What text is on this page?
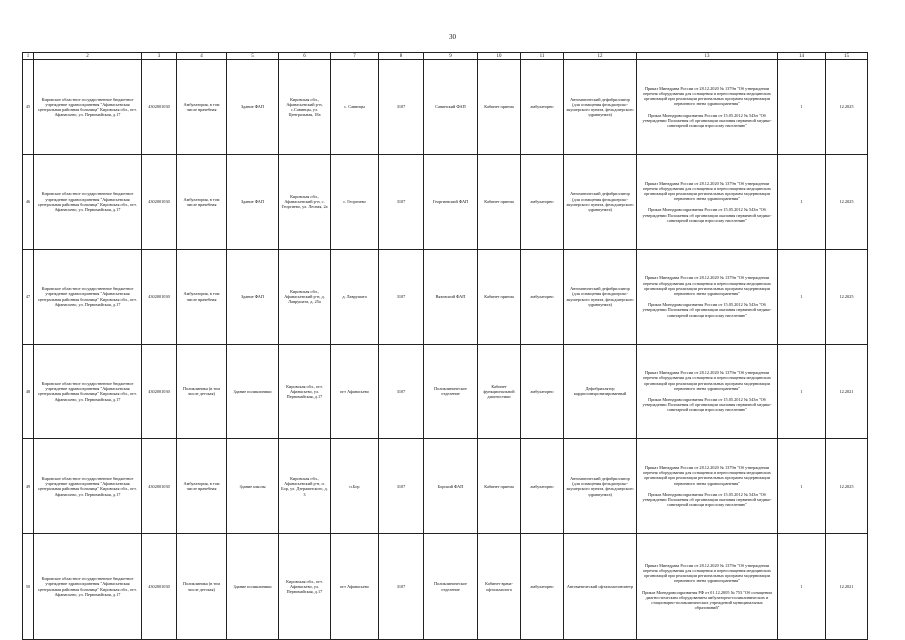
30
1	2	3	4	5	6	7	8	9	10	11	12	13	14	15
45	Кировское областное государственное бюджетное учреждение здравоохранения "Афанасьевская центральная районная больница" Кировская обл., пгт. Афанасьево, ул. Первомайская, д.17	4302001030	Амбулатория, в том числе врачебная	Здание ФАП	Кировская обл., Афанасьевский р-н, с.Савинцы, ул. Центральная, 18а	с. Савинцы	3107	Савинский ФАП	Кабинет приема	амбулаторно	Автоматический дефибриллятор (для оснащения фельдшерско-акушерского пункта, фельдшерского здравпункта)	Приказ Минздрава России от 28.12.2020 № 1379н "Об утверждении перечня оборудования для оснащения и переоснащения медицинских организаций при реализации региональных программ модернизации первичного звена здравоохранения"
Приказ Минздравсоцразвития России от 15.05.2012 № 543н "Об утверждении Положения об организации оказания первичной медико-санитарной помощи взрослому населению"	1	12.2025
46	Кировское областное государственное бюджетное учреждение здравоохранения "Афанасьевская центральная районная больница" Кировская обл., пгт. Афанасьево, ул. Первомайская, д.17	4302001030	Амбулатория, в том числе врачебная	Здание ФАП	Кировская обл., Афанасьевский р-н, с. Георгиево, ул. Лесная, 2а	с. Георгиево	3107	Георгиевский ФАП	Кабинет приема	амбулаторно	Автоматический дефибриллятор (для оснащения фельдшерско-акушерского пункта, фельдшерского здравпункта)	Приказ Минздрава России от 28.12.2020 № 1379н "Об утверждении перечня оборудования для оснащения и переоснащения медицинских организаций при реализации региональных программ модернизации первичного звена здравоохранения"
Приказ Минздравсоцразвития России от 15.05.2012 № 543н "Об утверждении Положения об организации оказания первичной медико-санитарной помощи взрослому населению"	1	12.2025
47	Кировское областное государственное бюджетное учреждение здравоохранения "Афанасьевская центральная районная больница" Кировская обл., пгт. Афанасьево, ул. Первомайская, д.17	4302001030	Амбулатория, в том числе врачебная	Здание ФАП	Кировская обл., Афанасьевский р-н, д. Лаврушата, д. 25а	д. Лаврушата	3107	Вязовский ФАП	Кабинет приема	амбулаторно	Автоматический дефибриллятор (для оснащения фельдшерско-акушерского пункта, фельдшерского здравпункта)	Приказ Минздрава России от 28.12.2020 № 1379н "Об утверждении перечня оборудования для оснащения и переоснащения медицинских организаций при реализации региональных программ модернизации первичного звена здравоохранения"
Приказ Минздравсоцразвития России от 15.05.2012 № 543н "Об утверждении Положения об организации оказания первичной медико-санитарной помощи взрослому населению"	1	12.2025
48	Кировское областное государственное бюджетное учреждение здравоохранения "Афанасьевская центральная районная больница" Кировская обл., пгт. Афанасьево, ул. Первомайская, д.17	4302001030	Поликлиника (в том числе детская)	Здание поликлиники	Кировская обл., пгт. Афанасьево, ул. Первомайская, д.17	пгт Афанасьево	3107	Поликлиническое отделение	Кабинет функциональной диагностики	амбулаторно	Дефибриллятор кардиосинхронизированный	Приказ Минздрава России от 28.12.2020 № 1379н "Об утверждении перечня оборудования для оснащения и переоснащения медицинских организаций при реализации региональных программ модернизации первичного звена здравоохранения"
Приказ Минздравсоцразвития России от 15.05.2012 № 543н "Об утверждении Положения об организации оказания первичной медико-санитарной помощи взрослому населению"	1	12.2021
49	Кировское областное государственное бюджетное учреждение здравоохранения "Афанасьевская центральная районная больница" Кировская обл., пгт. Афанасьево, ул. Первомайская, д.17	4302001030	Амбулатория, в том числе врачебная	Здание школы	Кировская обл., Афанасьевский р-н, п. Бор, ул. Дзержинского, д. 3	п.Бор	3107	Борский ФАП	Кабинет приема	амбулаторно	Автоматический дефибриллятор (для оснащения фельдшерско-акушерского пункта, фельдшерского здравпункта)	Приказ Минздрава России от 28.12.2020 № 1379н "Об утверждении перечня оборудования для оснащения и переоснащения медицинских организаций при реализации региональных программ модернизации первичного звена здравоохранения"
Приказ Минздравсоцразвития России от 15.05.2012 № 543н "Об утверждении Положения об организации оказания первичной медико-санитарной помощи взрослому населению"	1	12.2025
50	Кировское областное государственное бюджетное учреждение здравоохранения "Афанасьевская центральная районная больница" Кировская обл., пгт. Афанасьево, ул. Первомайская, д.17	4302001030	Поликлиника (в том числе детская)	Здание поликлиники	Кировская обл., пгт. Афанасьево, ул. Первомайская, д.17	пгт Афанасьево	3107	Поликлиническое отделение	Кабинет врача-офтальмолога	амбулаторно	Автоматический офтальмотонометр	Приказ Минздрава России от 28.12.2020 № 1379н "Об утверждении перечня оборудования для оснащения и переоснащения медицинских организаций при реализации региональных программ модернизации первичного звена здравоохранения"
Приказ Минздравсоцразвития РФ от 01.12.2005 № 753 "Об оснащении диагностическим оборудованием амбулаторно-поликлинических и стационарно-поликлинических учреждений муниципальных образований"	1	12.2021
